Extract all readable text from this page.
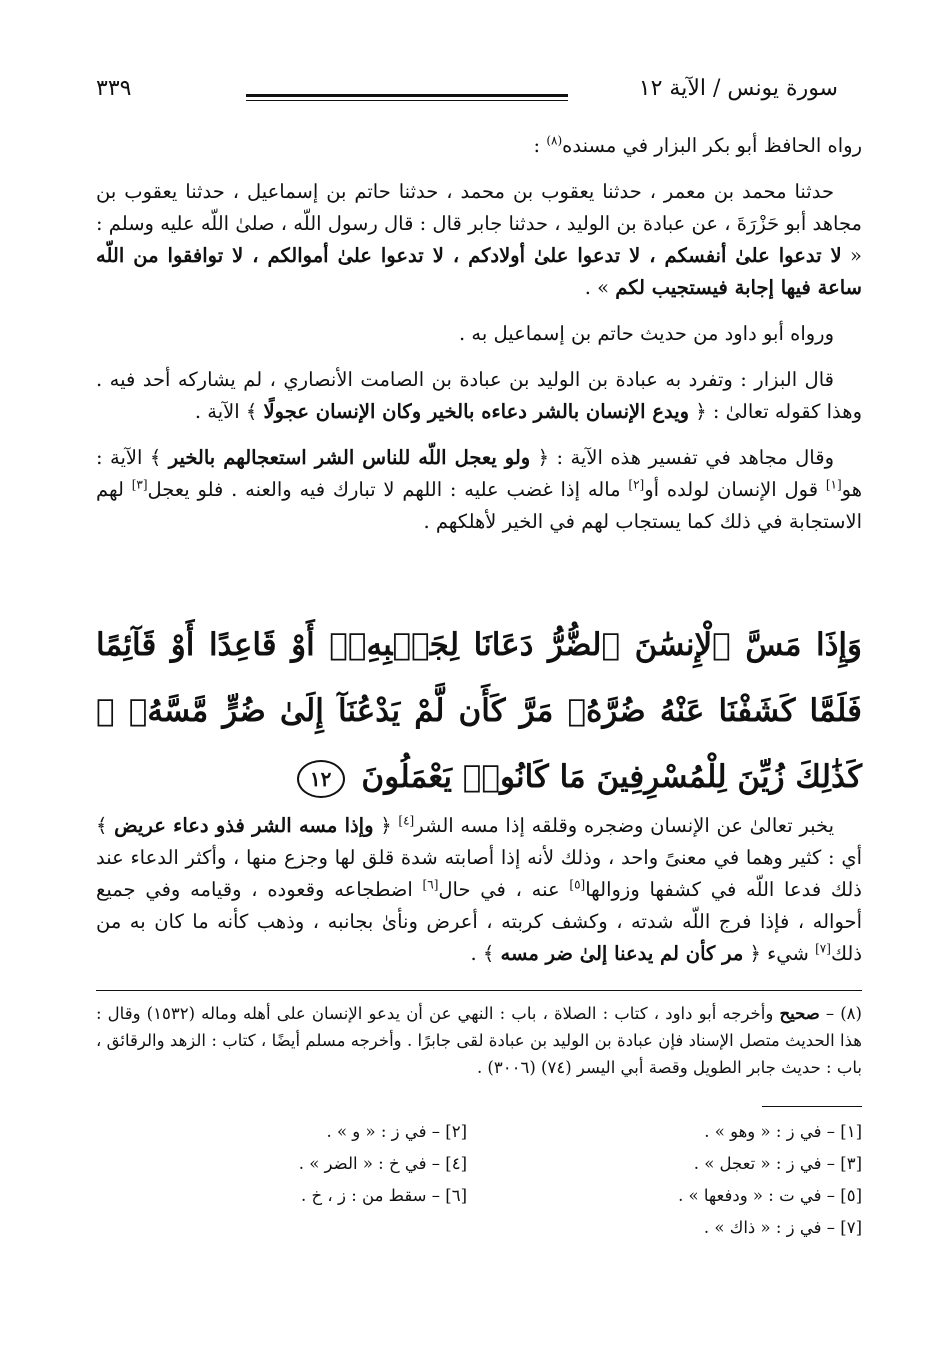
سورة يونس / الآية ١٢
٣٣٩

رواه الحافظ أبو بكر البزار في مسنده$^{(٨)}$ :

حدثنا محمد بن معمر ، حدثنا يعقوب بن محمد ، حدثنا حاتم بن إسماعيل ، حدثنا يعقوب بن مجاهد أبو حَزْرَةَ ، عن عبادة بن الوليد ، حدثنا جابر قال : قال رسول اللّه ، صلىٰ اللّه عليه وسلم : « لا تدعوا علىٰ أنفسكم ، لا تدعوا علىٰ أولادكم ، لا تدعوا علىٰ أموالكم ، لا توافقوا من اللّه ساعة فيها إجابة فيستجيب لكم » .

ورواه أبو داود من حديث حاتم بن إسماعيل به .

قال البزار : وتفرد به عبادة بن الوليد بن عبادة بن الصامت الأنصاري ، لم يشاركه أحد فيه . وهذا كقوله تعالىٰ : ﴿ ويدع الإنسان بالشر دعاءه بالخير وكان الإنسان عجولًا ﴾ الآية .

وقال مجاهد في تفسير هذه الآية : ﴿ ولو يعجل اللّه للناس الشر استعجالهم بالخير ﴾ الآية : هو[١] قول الإنسان لولده أو[٢] ماله إذا غضب عليه : اللهم لا تبارك فيه والعنه . فلو يعجل[٣] لهم الاستجابة في ذلك كما يستجاب لهم في الخير لأهلكهم .

وَإِذَا مَسَّ ٱلْإِنسَٰنَ ٱلضُّرُّ دَعَانَا لِجَنۢبِهِۦٓ أَوْ قَاعِدًا أَوْ قَآئِمًا فَلَمَّا كَشَفْنَا عَنْهُ ضُرَّهُۥ مَرَّ كَأَن لَّمْ يَدْعُنَآ إِلَىٰ ضُرٍّ مَّسَّهُۥ ۚ كَذَٰلِكَ زُيِّنَ لِلْمُسْرِفِينَ مَا كَانُوا۟ يَعْمَلُونَ ١٢

يخبر تعالىٰ عن الإنسان وضجره وقلقه إذا مسه الشر[٤] ﴿ وإذا مسه الشر فذو دعاء عريض ﴾ أي : كثير وهما في معنىً واحد ، وذلك لأنه إذا أصابته شدة قلق لها وجزع منها ، وأكثر الدعاء عند ذلك فدعا اللّه في كشفها وزوالها[٥] عنه ، في حال[٦] اضطجاعه وقعوده ، وقيامه وفي جميع أحواله ، فإذا فرج اللّه شدته ، وكشف كربته ، أعرض ونأىٰ بجانبه ، وذهب كأنه ما كان به من ذلك[٧] شيء ﴿ مر كأن لم يدعنا إلىٰ ضر مسه ﴾ .

(٨) – صحيح وأخرجه أبو داود ، كتاب : الصلاة ، باب : النهي عن أن يدعو الإنسان على أهله وماله (١٥٣٢) وقال : هذا الحديث متصل الإسناد فإن عبادة بن الوليد بن عبادة لقى جابرًا . وأخرجه مسلم أيضًا ، كتاب : الزهد والرقائق ، باب : حديث جابر الطويل وقصة أبي اليسر (٧٤) (٣٠٠٦) .

[١] – في ز : « وهو » .
[٢] – في ز : « و » .
[٣] – في ز : « تعجل » .
[٤] – في خ : « الضر » .
[٥] – في ت : « ودفعها » .
[٦] – سقط من : ز ، خ .
[٧] – في ز : « ذاك » .
